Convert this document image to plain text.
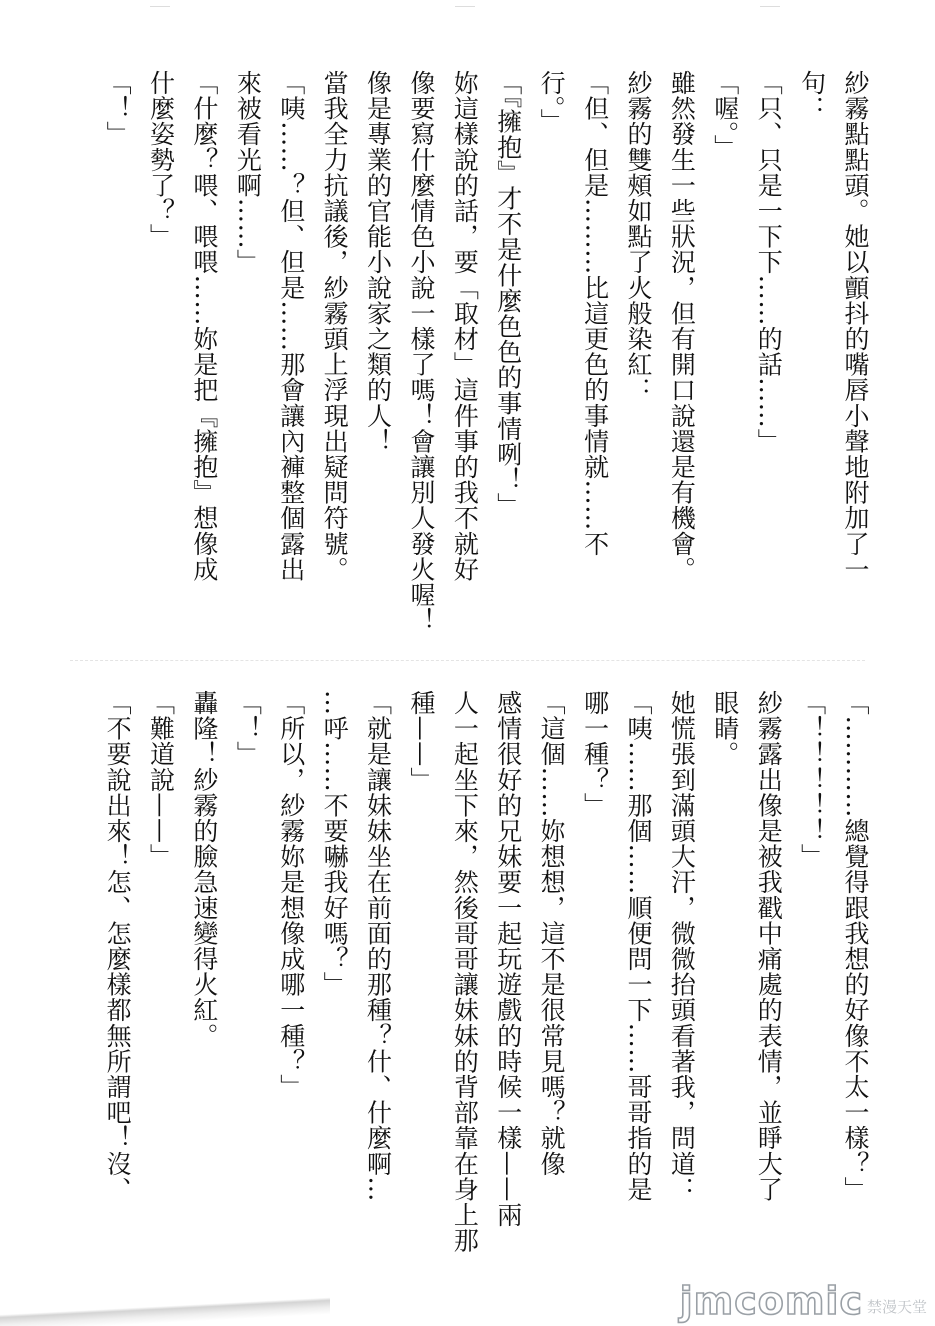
紗霧點點頭。她以顫抖的嘴唇小聲地附加了一
句：
「只、只是一下下……的話……」
「喔。」
雖然發生一些狀況，但有開口說還是有機會。
紗霧的雙頰如點了火般染紅：
「但、但是………比這更色的事情就……不
行。」
「『擁抱』才不是什麼色色的事情咧！」
妳這樣說的話，要「取材」這件事的我不就好
像要寫什麼情色小說一樣了嗎！會讓別人發火喔！
像是專業的官能小說家之類的人！
當我全力抗議後，紗霧頭上浮現出疑問符號。
「咦……？但、但是……那會讓內褲整個露出
來被看光啊……」
「什麼？喂、喂喂……妳是把『擁抱』想像成
什麼姿勢了？」
「！」
「…………總覺得跟我想的好像不太一樣？」
「！！！！！」
紗霧露出像是被我戳中痛處的表情，並睜大了
眼睛。
她慌張到滿頭大汗，微微抬頭看著我，問道：
「咦……那個……順便問一下……哥哥指的是
哪一種？」
「這個……妳想想，這不是很常見嗎？就像
感情很好的兄妹要一起玩遊戲的時候一樣——兩
人一起坐下來，然後哥哥讓妹妹的背部靠在身上那
種——」
「就是讓妹妹坐在前面的那種？什、什麼啊…
…呼……不要嚇我好嗎？」
「所以，紗霧妳是想像成哪一種？」
「！」
轟隆！紗霧的臉急速變得火紅。
「難道說——」
「不要說出來！怎、怎麼樣都無所謂吧！沒、
jmcomic 禁漫天堂
